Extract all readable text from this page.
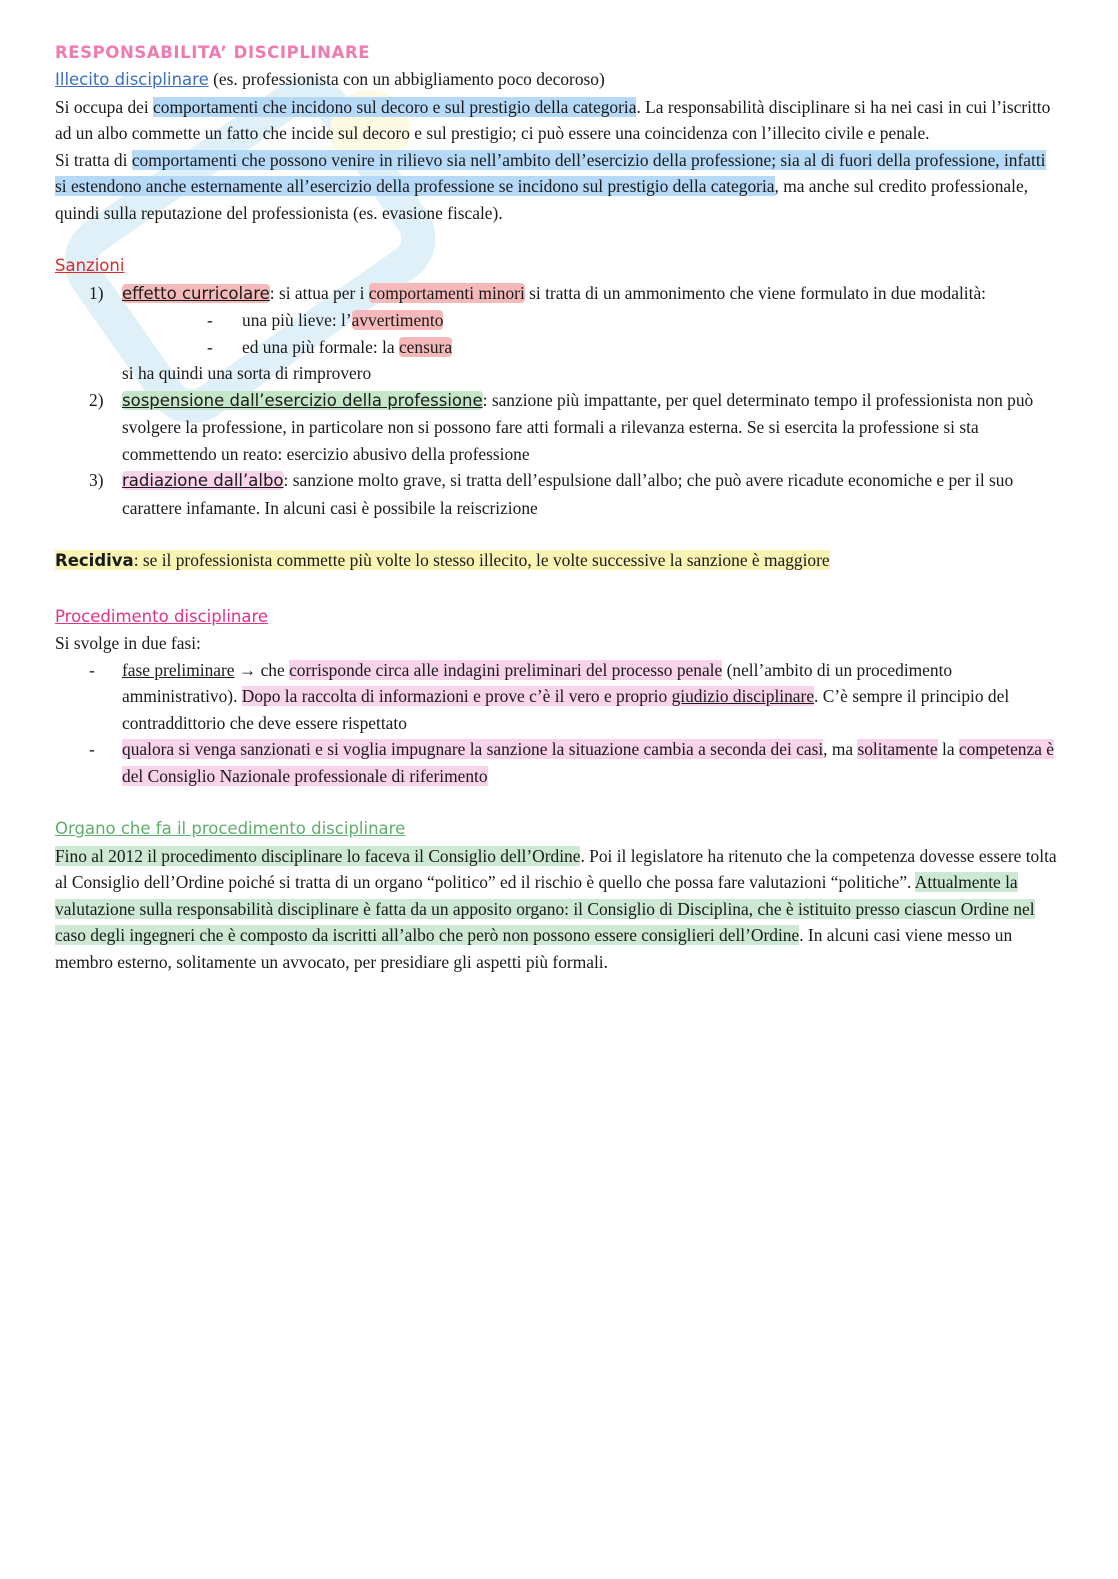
RESPONSABILITA’ DISCIPLINARE

Illecito disciplinare (es. professionista con un abbigliamento poco decoroso)

Si occupa dei comportamenti che incidono sul decoro e sul prestigio della categoria. La responsabilità disciplinare si ha nei casi in cui l’iscritto ad un albo commette un fatto che incide sul decoro e sul prestigio; ci può essere una coincidenza con l’illecito civile e penale.

Si tratta di comportamenti che possono venire in rilievo sia nell’ambito dell’esercizio della professione; sia al di fuori della professione, infatti si estendono anche esternamente all’esercizio della professione se incidono sul prestigio della categoria, ma anche sul credito professionale, quindi sulla reputazione del professionista (es. evasione fiscale).

Sanzioni

1) effetto curricolare: si attua per i comportamenti minori si tratta di un ammonimento che viene formulato in due modalità:
- una più lieve: l’avvertimento
- ed una più formale: la censura

si ha quindi una sorta di rimprovero

2) sospensione dall’esercizio della professione: sanzione più impattante, per quel determinato tempo il professionista non può svolgere la professione, in particolare non si possono fare atti formali a rilevanza esterna. Se si esercita la professione si sta commettendo un reato: esercizio abusivo della professione
3) radiazione dall’albo: sanzione molto grave, si tratta dell’espulsione dall’albo; che può avere ricadute economiche e per il suo carattere infamante. In alcuni casi è possibile la reiscrizione

Recidiva: se il professionista commette più volte lo stesso illecito, le volte successive la sanzione è maggiore

Procedimento disciplinare

Si svolge in due fasi:

- fase preliminare → che corrisponde circa alle indagini preliminari del processo penale (nell’ambito di un procedimento amministrativo). Dopo la raccolta di informazioni e prove c’è il vero e proprio giudizio disciplinare. C’è sempre il principio del contraddittorio che deve essere rispettato
- qualora si venga sanzionati e si voglia impugnare la sanzione la situazione cambia a seconda dei casi, ma solitamente la competenza è del Consiglio Nazionale professionale di riferimento

Organo che fa il procedimento disciplinare

Fino al 2012 il procedimento disciplinare lo faceva il Consiglio dell’Ordine. Poi il legislatore ha ritenuto che la competenza dovesse essere tolta al Consiglio dell’Ordine poiché si tratta di un organo “politico” ed il rischio è quello che possa fare valutazioni “politiche”. Attualmente la valutazione sulla responsabilità disciplinare è fatta da un apposito organo: il Consiglio di Disciplina, che è istituito presso ciascun Ordine nel caso degli ingegneri che è composto da iscritti all’albo che però non possono essere consiglieri dell’Ordine. In alcuni casi viene messo un membro esterno, solitamente un avvocato, per presidiare gli aspetti più formali.
